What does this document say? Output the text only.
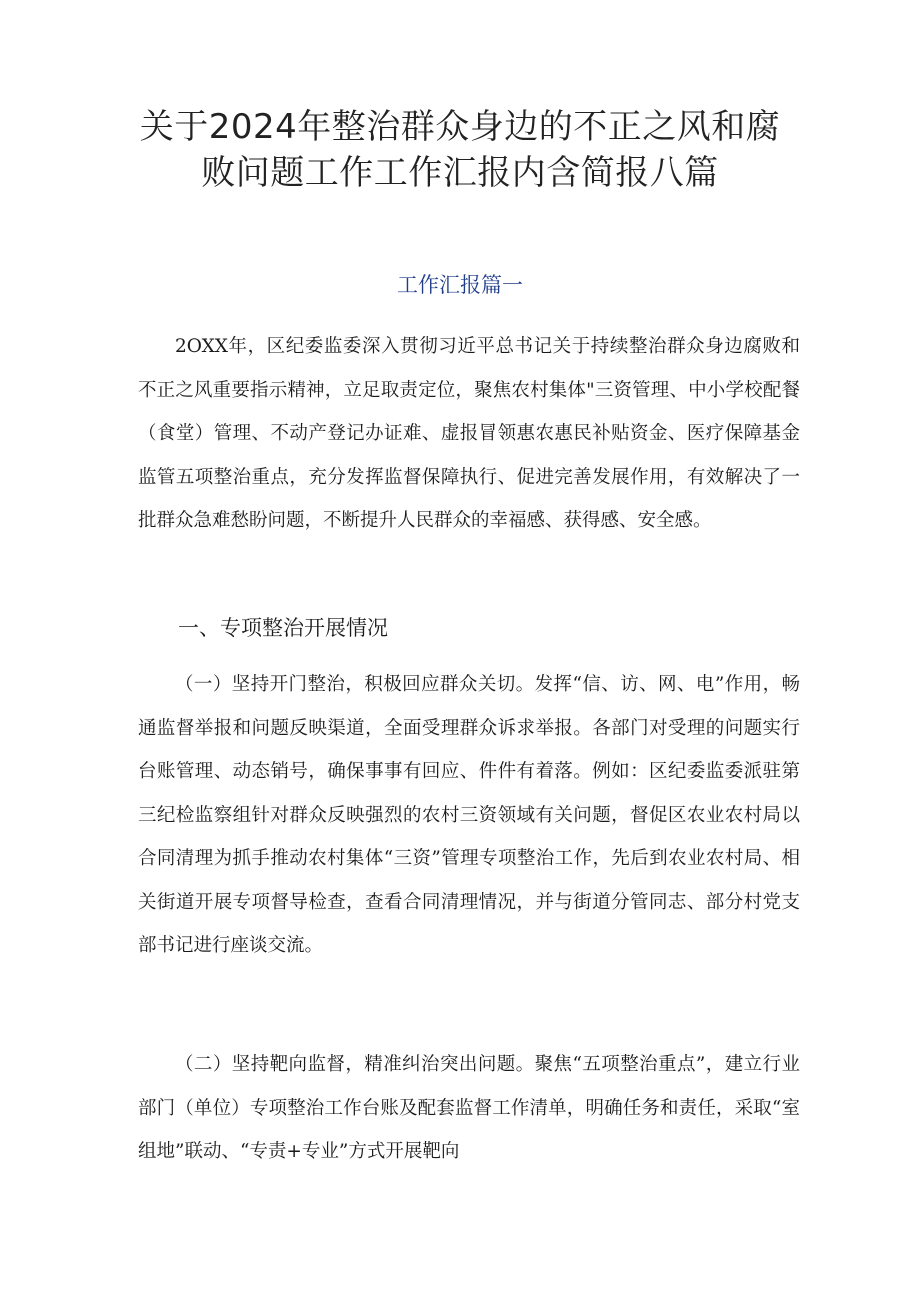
关于2024年整治群众身边的不正之风和腐
败问题工作工作汇报内含简报八篇
工作汇报篇一

2OXX年，区纪委监委深入贯彻习近平总书记关于持续整治群众身边腐败和不正之风重要指示精神，立足取责定位，聚焦农村集体"三资管理、中小学校配餐（食堂）管理、不动产登记办证难、虚报冒领惠农惠民补贴资金、医疗保障基金监管五项整治重点，充分发挥监督保障执行、促进完善发展作用，有效解决了一批群众急难愁盼问题，不断提升人民群众的幸福感、获得感、安全感。

一、专项整治开展情况

（一）坚持开门整治，积极回应群众关切。发挥“信、访、网、电”作用，畅通监督举报和问题反映渠道，全面受理群众诉求举报。各部门对受理的问题实行台账管理、动态销号，确保事事有回应、件件有着落。例如：区纪委监委派驻第三纪检监察组针对群众反映强烈的农村三资领域有关问题，督促区农业农村局以合同清理为抓手推动农村集体“三资”管理专项整治工作，先后到农业农村局、相关街道开展专项督导检查，查看合同清理情况，并与街道分管同志、部分村党支部书记进行座谈交流。

（二）坚持靶向监督，精准纠治突出问题。聚焦“五项整治重点”，建立行业部门（单位）专项整治工作台账及配套监督工作清单，明确任务和责任，采取“室组地”联动、“专责+专业”方式开展靶向
